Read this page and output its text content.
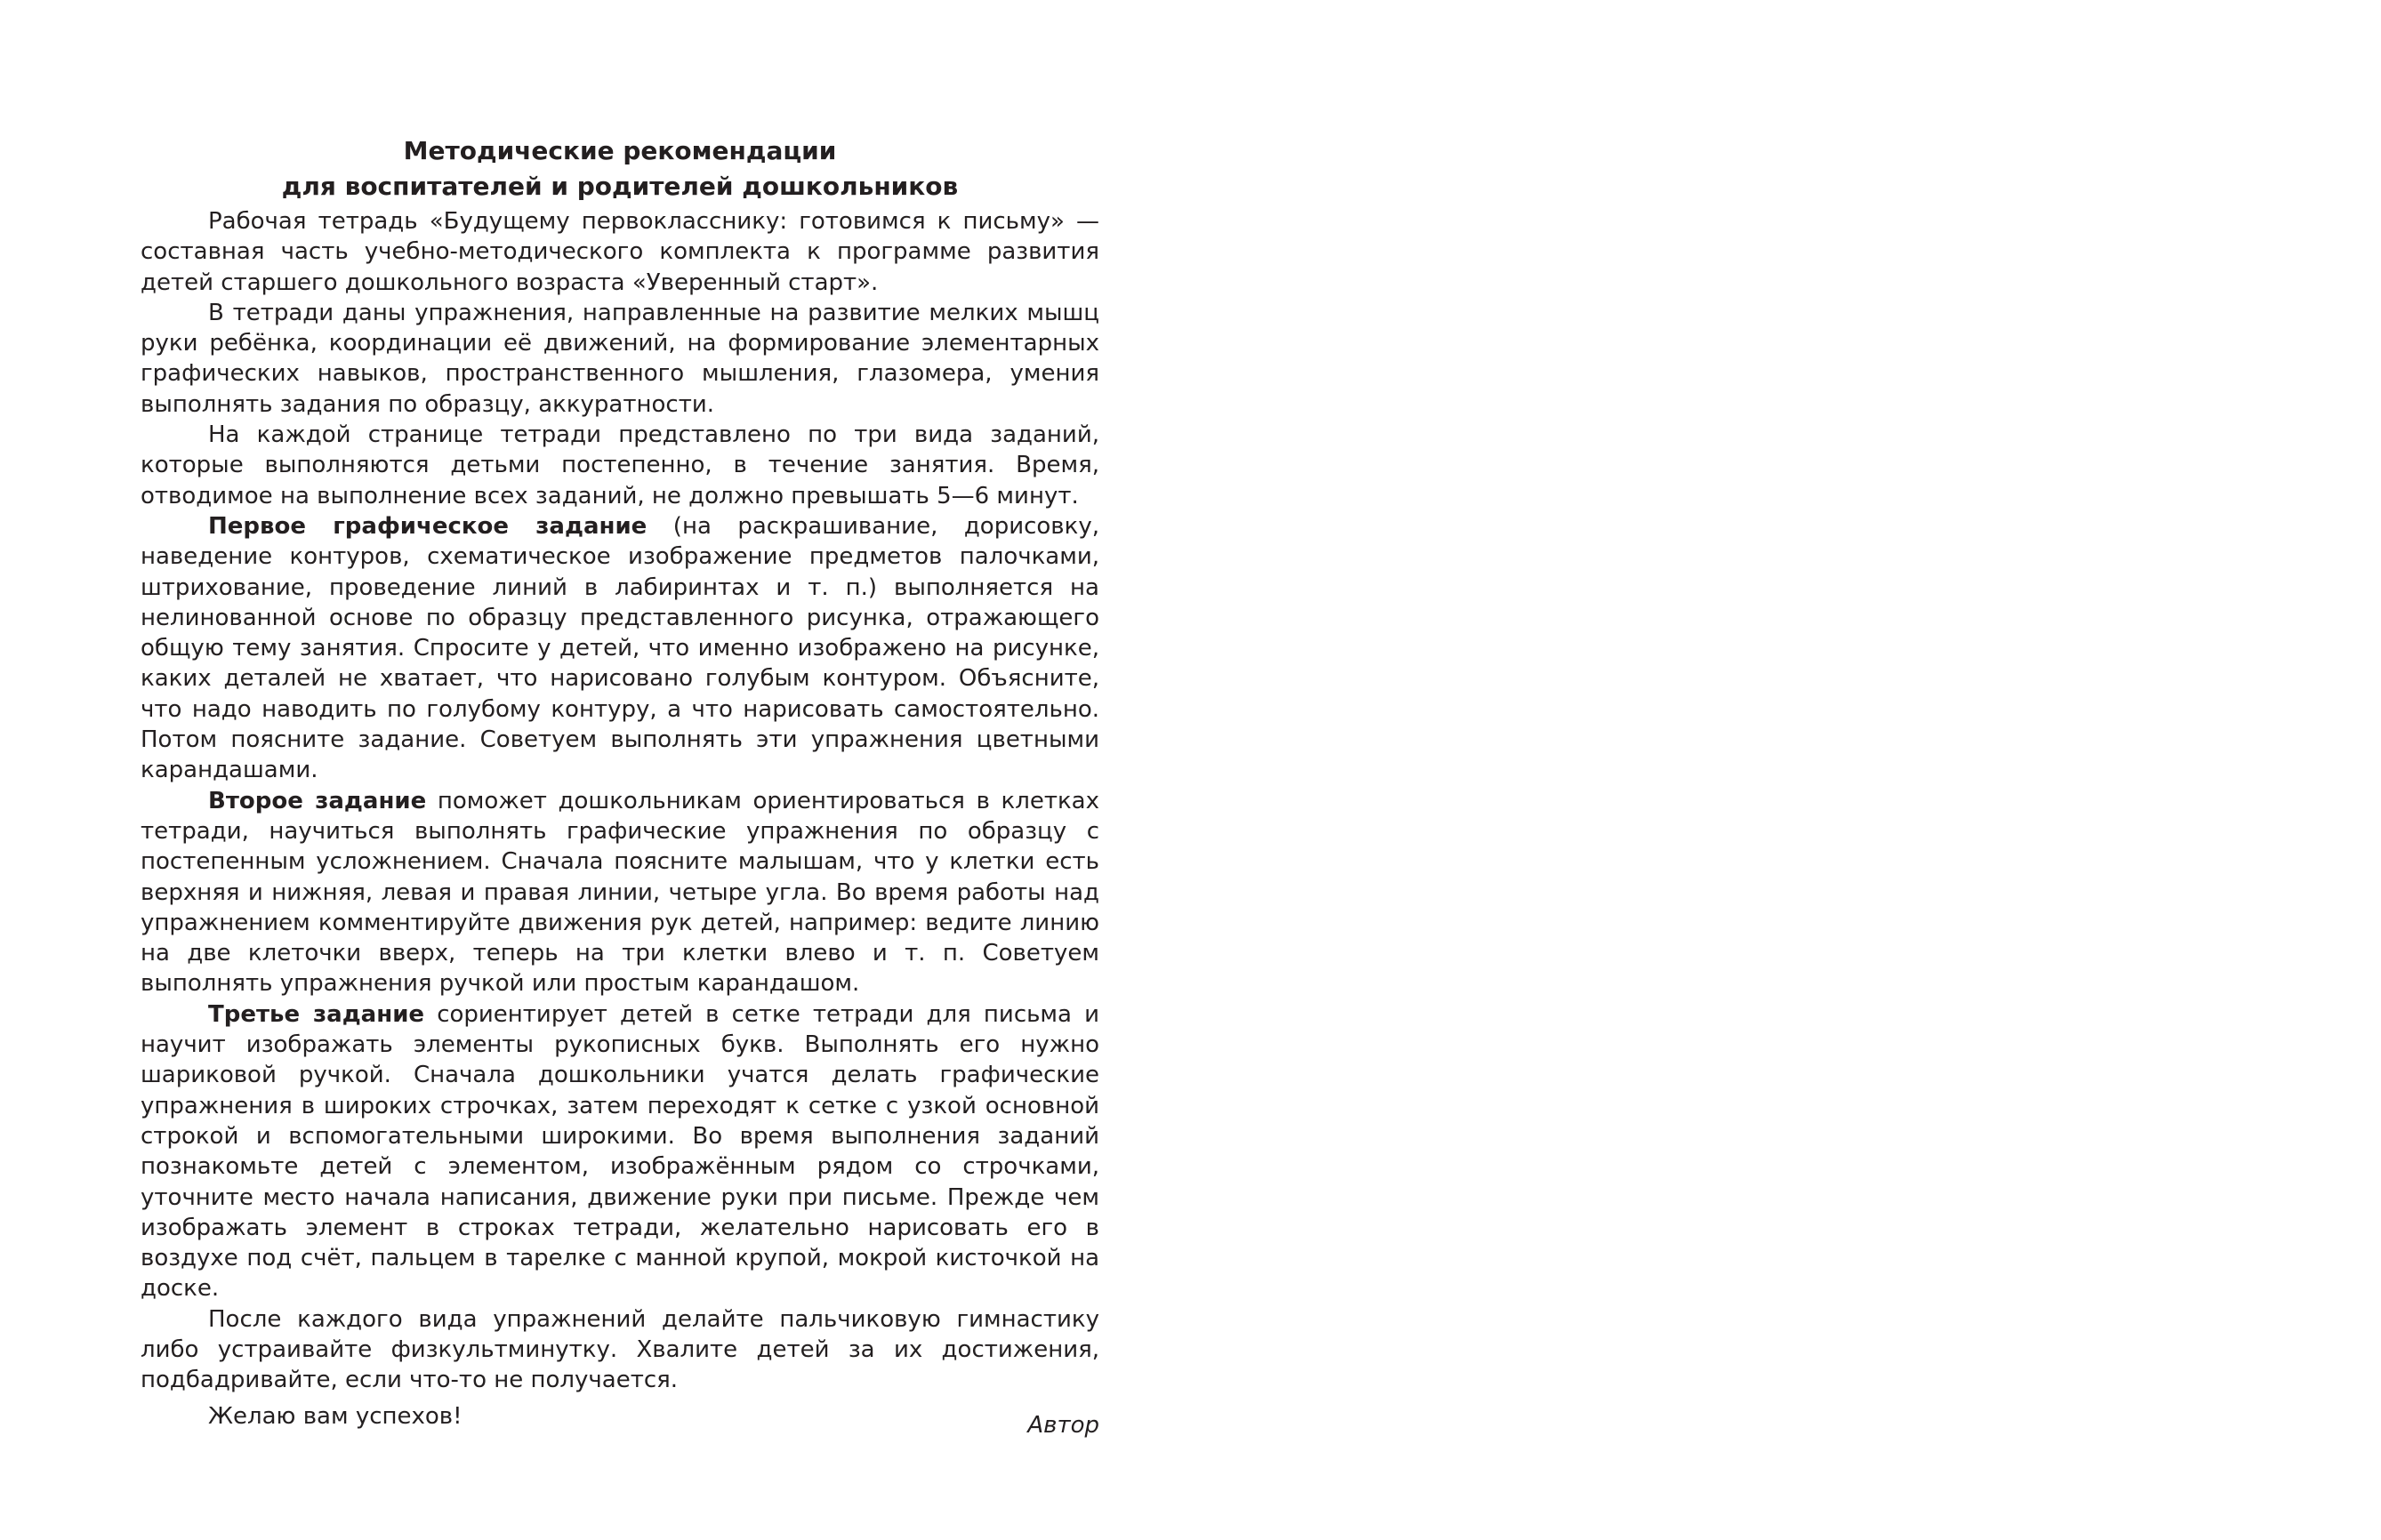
Методические рекомендации
для воспитателей и родителей дошкольников

Рабочая тетрадь «Будущему первокласснику: готовимся к письму» — составная часть учебно-методического комплекта к программе развития детей старшего дошкольного возраста «Уверенный старт».

В тетради даны упражнения, направленные на развитие мелких мышц руки ребёнка, координации её движений, на формирование элементарных графических навыков, пространственного мышления, глазомера, умения выполнять задания по образцу, аккуратности.

На каждой странице тетради представлено по три вида заданий, которые выполняются детьми постепенно, в течение занятия. Время, отводимое на выполнение всех заданий, не должно превышать 5—6 минут.

Первое графическое задание (на раскрашивание, дорисовку, наведение контуров, схематическое изображение предметов палочками, штрихование, проведение линий в лабиринтах и т. п.) выполняется на нелинованной основе по образцу представленного рисунка, отражающего общую тему занятия. Спросите у детей, что именно изображено на рисунке, каких деталей не хватает, что нарисовано голубым контуром. Объясните, что надо наводить по голубому контуру, а что нарисовать самостоятельно. Потом поясните задание. Советуем выполнять эти упражнения цветными карандашами.

Второе задание поможет дошкольникам ориентироваться в клетках тетради, научиться выполнять графические упражнения по образцу с постепенным усложнением. Сначала поясните малышам, что у клетки есть верхняя и нижняя, левая и правая линии, четыре угла. Во время работы над упражнением комментируйте движения рук детей, например: ведите линию на две клеточки вверх, теперь на три клетки влево и т. п. Советуем выполнять упражнения ручкой или простым карандашом.

Третье задание сориентирует детей в сетке тетради для письма и научит изображать элементы рукописных букв. Выполнять его нужно шариковой ручкой. Сначала дошкольники учатся делать графические упражнения в широких строчках, затем переходят к сетке с узкой основной строкой и вспомогательными широкими. Во время выполнения заданий познакомьте детей с элементом, изображённым рядом со строчками, уточните место начала написания, движение руки при письме. Прежде чем изображать элемент в строках тетради, желательно нарисовать его в воздухе под счёт, пальцем в тарелке с манной крупой, мокрой кисточкой на доске.

После каждого вида упражнений делайте пальчиковую гимнастику либо устраивайте физкультминутку. Хвалите детей за их достижения, подбадривайте, если что-то не получается.

Желаю вам успехов!	Автор
